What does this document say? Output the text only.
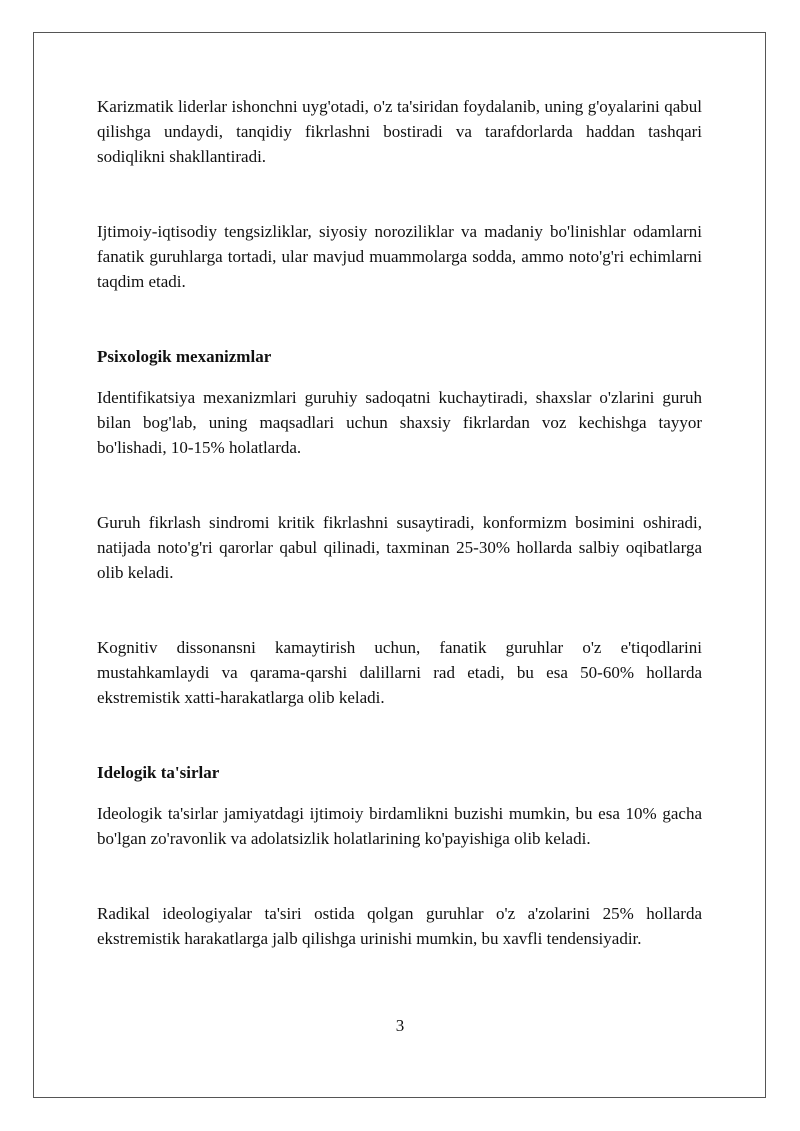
Karizmatik liderlar ishonchni uyg'otadi, o'z ta'siridan foydalanib, uning g'oyalarini qabul qilishga undaydi, tanqidiy fikrlashni bostiradi va tarafdorlarda haddan tashqari sodiqlikni shakllantiradi.

Ijtimoiy-iqtisodiy tengsizliklar, siyosiy noroziliklar va madaniy bo'linishlar odamlarni fanatik guruhlarga tortadi, ular mavjud muammolarga sodda, ammo noto'g'ri echimlarni taqdim etadi.

Psixologik mexanizmlar

Identifikatsiya mexanizmlari guruhiy sadoqatni kuchaytiradi, shaxslar o'zlarini guruh bilan bog'lab, uning maqsadlari uchun shaxsiy fikrlardan voz kechishga tayyor bo'lishadi, 10-15% holatlarda.

Guruh fikrlash sindromi kritik fikrlashni susaytiradi, konformizm bosimini oshiradi, natijada noto'g'ri qarorlar qabul qilinadi, taxminan 25-30% hollarda salbiy oqibatlarga olib keladi.

Kognitiv dissonansni kamaytirish uchun, fanatik guruhlar o'z e'tiqodlarini mustahkamlaydi va qarama-qarshi dalillarni rad etadi, bu esa 50-60% hollarda ekstremistik xatti-harakatlarga olib keladi.

Idelogik ta'sirlar

Ideologik ta'sirlar jamiyatdagi ijtimoiy birdamlikni buzishi mumkin, bu esa 10% gacha bo'lgan zo'ravonlik va adolatsizlik holatlarining ko'payishiga olib keladi.

Radikal ideologiyalar ta'siri ostida qolgan guruhlar o'z a'zolarini 25% hollarda ekstremistik harakatlarga jalb qilishga urinishi mumkin, bu xavfli tendensiyadir.

3
